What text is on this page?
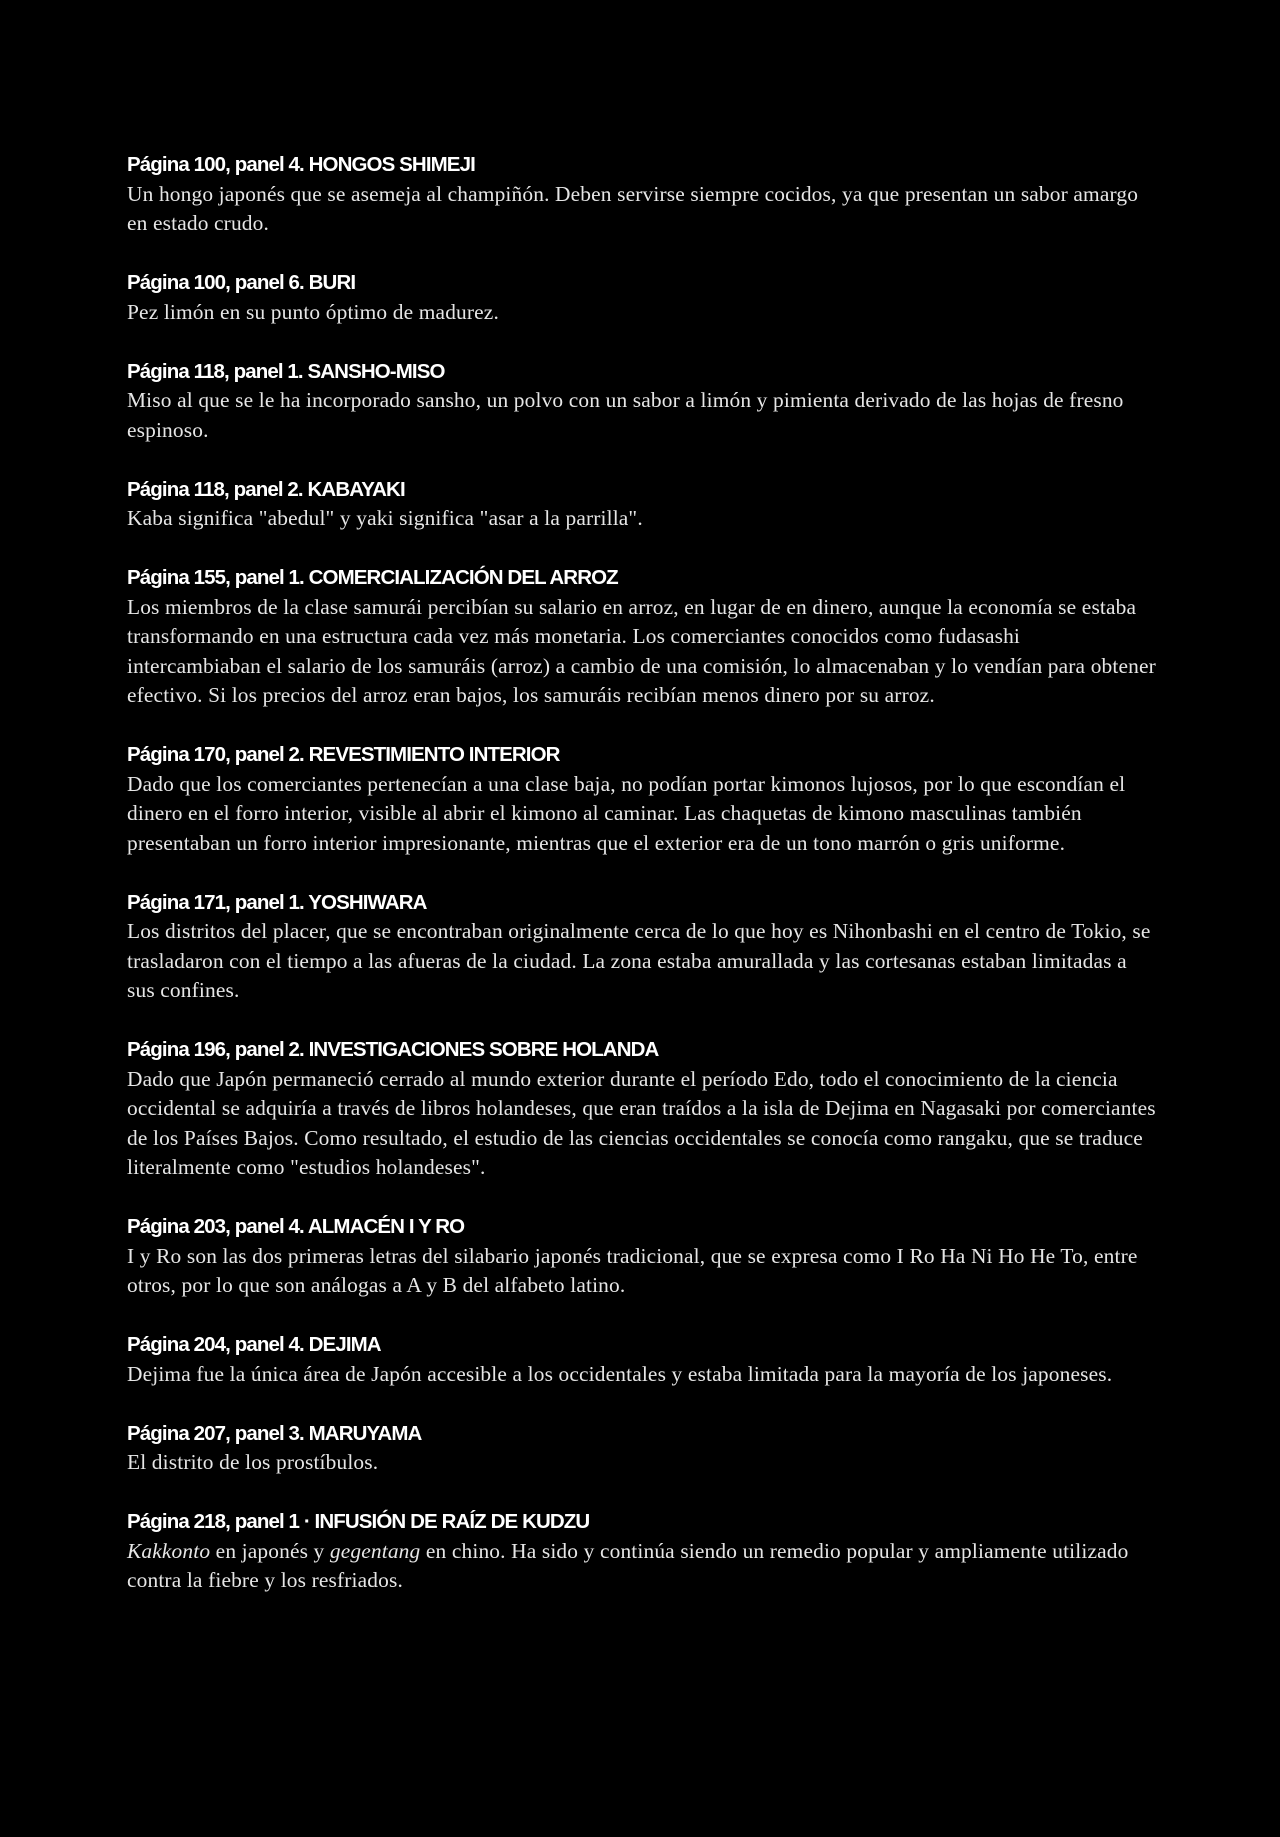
Página 100, panel 4. HONGOS SHIMEJI

Un hongo japonés que se asemeja al champiñón. Deben servirse siempre cocidos, ya que presentan un sabor amargo en estado crudo.

Página 100, panel 6. BURI

Pez limón en su punto óptimo de madurez.

Página 118, panel 1. SANSHO-MISO

Miso al que se le ha incorporado sansho, un polvo con un sabor a limón y pimienta derivado de las hojas de fresno espinoso.

Página 118, panel 2. KABAYAKI

Kaba significa "abedul" y yaki significa "asar a la parrilla".

Página 155, panel 1. COMERCIALIZACIÓN DEL ARROZ

Los miembros de la clase samurái percibían su salario en arroz, en lugar de en dinero, aunque la economía se estaba transformando en una estructura cada vez más monetaria. Los comerciantes conocidos como fudasashi intercambiaban el salario de los samuráis (arroz) a cambio de una comisión, lo almacenaban y lo vendían para obtener efectivo. Si los precios del arroz eran bajos, los samuráis recibían menos dinero por su arroz.

Página 170, panel 2. REVESTIMIENTO INTERIOR

Dado que los comerciantes pertenecían a una clase baja, no podían portar kimonos lujosos, por lo que escondían el dinero en el forro interior, visible al abrir el kimono al caminar. Las chaquetas de kimono masculinas también presentaban un forro interior impresionante, mientras que el exterior era de un tono marrón o gris uniforme.

Página 171, panel 1. YOSHIWARA

Los distritos del placer, que se encontraban originalmente cerca de lo que hoy es Nihonbashi en el centro de Tokio, se trasladaron con el tiempo a las afueras de la ciudad. La zona estaba amurallada y las cortesanas estaban limitadas a sus confines.

Página 196, panel 2. INVESTIGACIONES SOBRE HOLANDA

Dado que Japón permaneció cerrado al mundo exterior durante el período Edo, todo el conocimiento de la ciencia occidental se adquiría a través de libros holandeses, que eran traídos a la isla de Dejima en Nagasaki por comerciantes de los Países Bajos. Como resultado, el estudio de las ciencias occidentales se conocía como rangaku, que se traduce literalmente como "estudios holandeses".

Página 203, panel 4. ALMACÉN I Y RO

I y Ro son las dos primeras letras del silabario japonés tradicional, que se expresa como I Ro Ha Ni Ho He To, entre otros, por lo que son análogas a A y B del alfabeto latino.

Página 204, panel 4. DEJIMA

Dejima fue la única área de Japón accesible a los occidentales y estaba limitada para la mayoría de los japoneses.

Página 207, panel 3. MARUYAMA

El distrito de los prostíbulos.

Página 218, panel 1 · INFUSIÓN DE RAÍZ DE KUDZU

Kakkonto en japonés y gegentang en chino. Ha sido y continúa siendo un remedio popular y ampliamente utilizado contra la fiebre y los resfriados.
